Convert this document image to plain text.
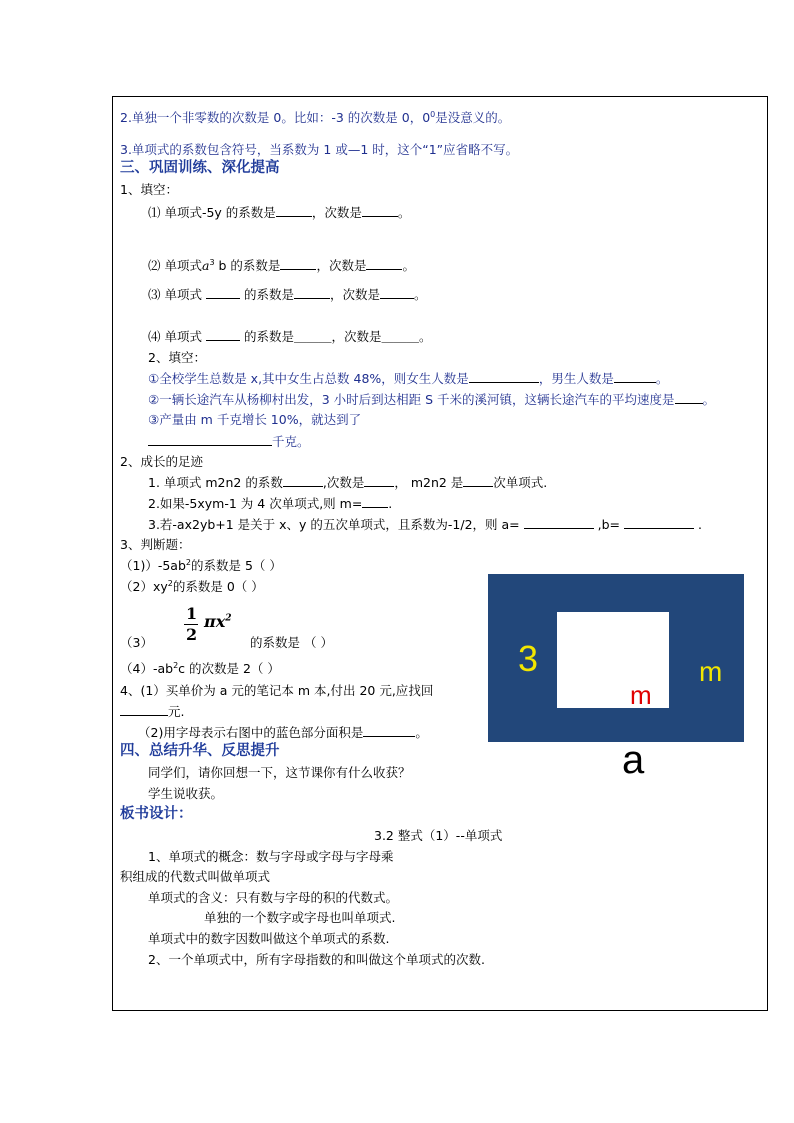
2.单独一个非零数的次数是 0。比如：-3 的次数是 0，$0^0$是没意义的。
3.单项式的系数包含符号，当系数为 1 或—1 时，这个“1”应省略不写。
三、巩固训练、深化提高
1、填空：
⑴ 单项式-5y 的系数是	，次数是	。
⑵ 单项式$a^3$ b 的系数是	，次数是	。
⑶ 单项式	的系数是	，次数是	。
⑷ 单项式	的系数是＿＿＿，次数是＿＿＿。
2、填空：
①全校学生总数是 x,其中女生占总数 48%，则女生人数是	，男生人数是	。
②一辆长途汽车从杨柳村出发，3 小时后到达相距 S 千米的溪河镇，这辆长途汽车的平均速度是 。
③产量由 m 千克增长 10%，就达到了
千克。
2、成长的足迹
1. 单项式 m2n2 的系数	,次数是 ， m2n2 是 次单项式.
2.如果-5xym-1 为 4 次单项式,则 m= .
3.若-ax2yb+1 是关于 x、y 的五次单项式，且系数为-1/2，则 a=	,b=	.
3、判断题：
$(1))-5ab^2$的系数是 5（ ）
$(2)xy^2$的系数是 0（ ）
（3）
1
2
$\pi x^2$
的系数是 （ ）
$(4)-ab^2c$ 的次数是 2（ ）
4、(1）买单价为 a 元的笔记本 m 本,付出 20 元,应找回
元.
（2)用字母表示右图中的蓝色部分面积是	。
3	m
m
a
四、总结升华、反思提升
同学们，请你回想一下，这节课你有什么收获？
学生说收获。
板书设计：
3.2 整式（1）--单项式
1、单项式的概念：数与字母或字母与字母乘
积组成的代数式叫做单项式
单项式的含义：只有数与字母的积的代数式。
单独的一个数字或字母也叫单项式.
单项式中的数字因数叫做这个单项式的系数.
2、一个单项式中，所有字母指数的和叫做这个单项式的次数.
